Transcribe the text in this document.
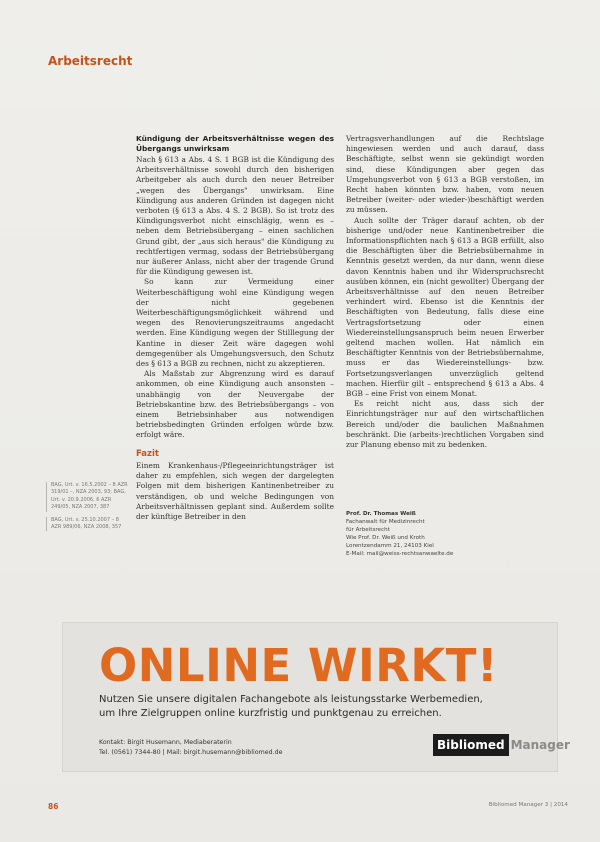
Arbeitsrecht
Kündigung der Arbeitsverhältnisse wegen des Übergangs unwirksam

Nach § 613 a Abs. 4 S. 1 BGB ist die Kündigung des Arbeitsverhältnisse sowohl durch den bisherigen Arbeitgeber als auch durch den neuer Betreiber „wegen des Übergangs" unwirksam. Eine Kündigung aus anderen Gründen ist dagegen nicht verboten (§ 613 a Abs. 4 S. 2 BGB). So ist trotz des Kündigungsverbot nicht einschlägig, wenn es – neben dem Betriebsübergang – einen sachlichen Grund gibt, der „aus sich heraus" die Kündigung zu rechtfertigen vermag, sodass der Betriebsübergang nur äußerer Anlass, nicht aber der tragende Grund für die Kündigung gewesen ist.

So kann zur Vermeidung einer Weiterbeschäftigung wohl eine Kündigung wegen der nicht gegebenen Weiterbeschäftigungsmöglichkeit während und wegen des Renovierungszeitraums angedacht werden. Eine Kündigung wegen der Stilllegung der Kantine in dieser Zeit wäre dagegen wohl demgegenüber als Umgehungsversuch, den Schutz des § 613 a BGB zu rechnen, nicht zu akzeptieren.

Als Maßstab zur Abgrenzung wird es darauf ankommen, ob eine Kündigung auch ansonsten – unabhängig von der Neuvergabe der Betriebskantine bzw. des Betriebsübergangs – von einem Betriebsinhaber aus notwendigen betriebsbedingten Gründen erfolgen würde bzw. erfolgt wäre.

Fazit

Einem Krankenhaus-/Pflegeeinrichtungsträger ist daher zu empfehlen, sich wegen der dargelegten Folgen mit dem bisherigen Kantinenbetreiber zu verständigen, ob und welche Bedingungen von Arbeitsverhältnissen geplant sind. Außerdem sollte der künftige Betreiber in den

Vertragsverhandlungen auf die Rechtslage hingewiesen werden und auch darauf, dass Beschäftigte, selbst wenn sie gekündigt worden sind, diese Kündigungen aber gegen das Umgehungsverbot von § 613 a BGB verstoßen, im Recht haben könnten bzw. haben, vom neuen Betreiber (weiter- oder wieder-)beschäftigt werden zu müssen.

Auch sollte der Träger darauf achten, ob der bisherige und/oder neue Kantinenbetreiber die Informationspflichten nach § 613 a BGB erfüllt, also die Beschäftigten über die Betriebsübernahme in Kenntnis gesetzt werden, da nur dann, wenn diese davon Kenntnis haben und ihr Widerspruchsrecht ausüben können, ein (nicht gewollter) Übergang der Arbeitsverhältnisse auf den neuen Betreiber verhindert wird. Ebenso ist die Kenntnis der Beschäftigten von Bedeutung, falls diese eine Vertragsfortsetzung oder einen Wiedereinstellungsanspruch beim neuen Erwerber geltend machen wollen. Hat nämlich ein Beschäftigter Kenntnis von der Betriebsübernahme, muss er das Wiedereinstellungs- bzw. Fortsetzungsverlangen unverzüglich geltend machen. Hierfür gilt – entsprechend § 613 a Abs. 4 BGB – eine Frist von einem Monat.

Es reicht nicht aus, dass sich der Einrichtungsträger nur auf den wirtschaftlichen Bereich und/oder die baulichen Maßnahmen beschränkt. Die (arbeits-)rechtlichen Vorgaben sind zur Planung ebenso mit zu bedenken.

BAG, Urt. v. 16.5.2002 – 8 AZR 319/01 –, NZA 2003, 93; BAG, Urt. v. 20.9.2006, 6 AZR 249/05, NZA 2007, 387
BAG, Urt. v. 25.10.2007 – 8 AZR 989/06, NZA 2008, 357
Prof. Dr. Thomas Weiß
Fachanwalt für Medizinrecht
für Arbeitsrecht
Wie Prof. Dr. Weiß und Kroth
Lorentzendamm 21, 24103 Kiel
E-Mail: mail@weiss-rechtsanwaelte.de
ONLINE WIRKT!
Nutzen Sie unsere digitalen Fachangebote als leistungsstarke Werbemedien,
um Ihre Zielgruppen online kurzfristig und punktgenau zu erreichen.
Kontakt: Birgit Husemann, Mediaberaterin
Tel. (0561) 7344-80 | Mail: birgit.husemann@bibliomed.de
Bibliomed Manager
86	Bibliomed Manager 3 | 2014
